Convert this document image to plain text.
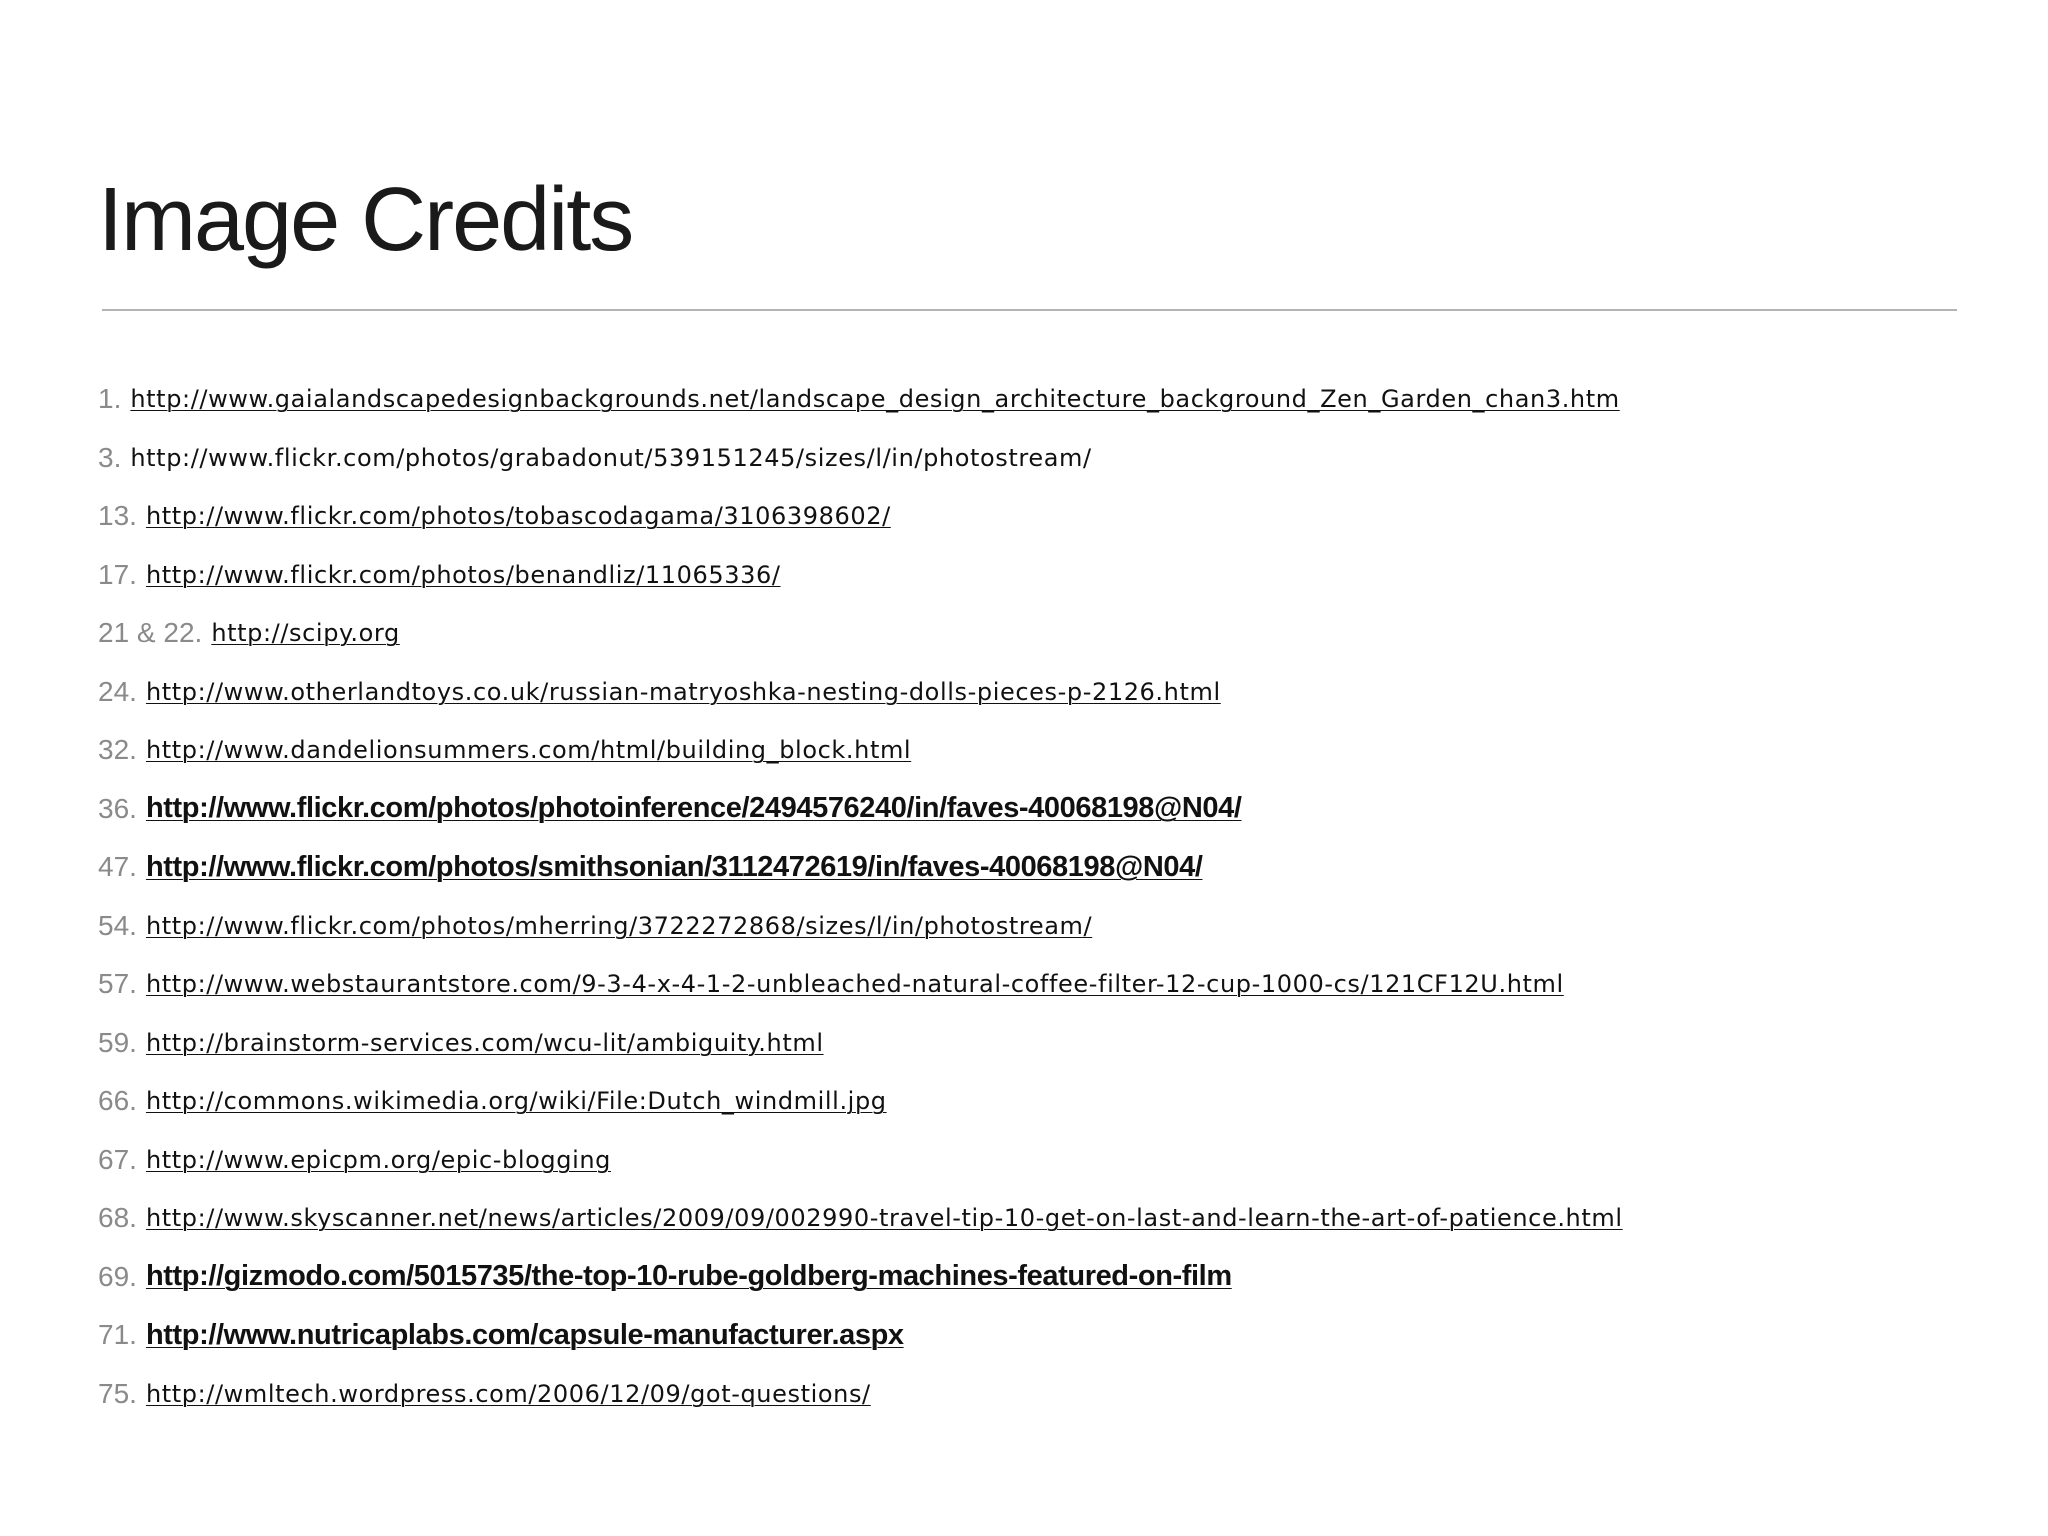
Image Credits
1. http://www.gaialandscapedesignbackgrounds.net/landscape_design_architecture_background_Zen_Garden_chan3.htm
3. http://www.flickr.com/photos/grabadonut/539151245/sizes/l/in/photostream/
13. http://www.flickr.com/photos/tobascodagama/3106398602/
17. http://www.flickr.com/photos/benandliz/11065336/
21 & 22. http://scipy.org
24. http://www.otherlandtoys.co.uk/russian-matryoshka-nesting-dolls-pieces-p-2126.html
32. http://www.dandelionsummers.com/html/building_block.html
36. http://www.flickr.com/photos/photoinference/2494576240/in/faves-40068198@N04/
47. http://www.flickr.com/photos/smithsonian/3112472619/in/faves-40068198@N04/
54. http://www.flickr.com/photos/mherring/3722272868/sizes/l/in/photostream/
57. http://www.webstaurantstore.com/9-3-4-x-4-1-2-unbleached-natural-coffee-filter-12-cup-1000-cs/121CF12U.html
59. http://brainstorm-services.com/wcu-lit/ambiguity.html
66. http://commons.wikimedia.org/wiki/File:Dutch_windmill.jpg
67. http://www.epicpm.org/epic-blogging
68. http://www.skyscanner.net/news/articles/2009/09/002990-travel-tip-10-get-on-last-and-learn-the-art-of-patience.html
69. http://gizmodo.com/5015735/the-top-10-rube-goldberg-machines-featured-on-film
71. http://www.nutricaplabs.com/capsule-manufacturer.aspx
75. http://wmltech.wordpress.com/2006/12/09/got-questions/
